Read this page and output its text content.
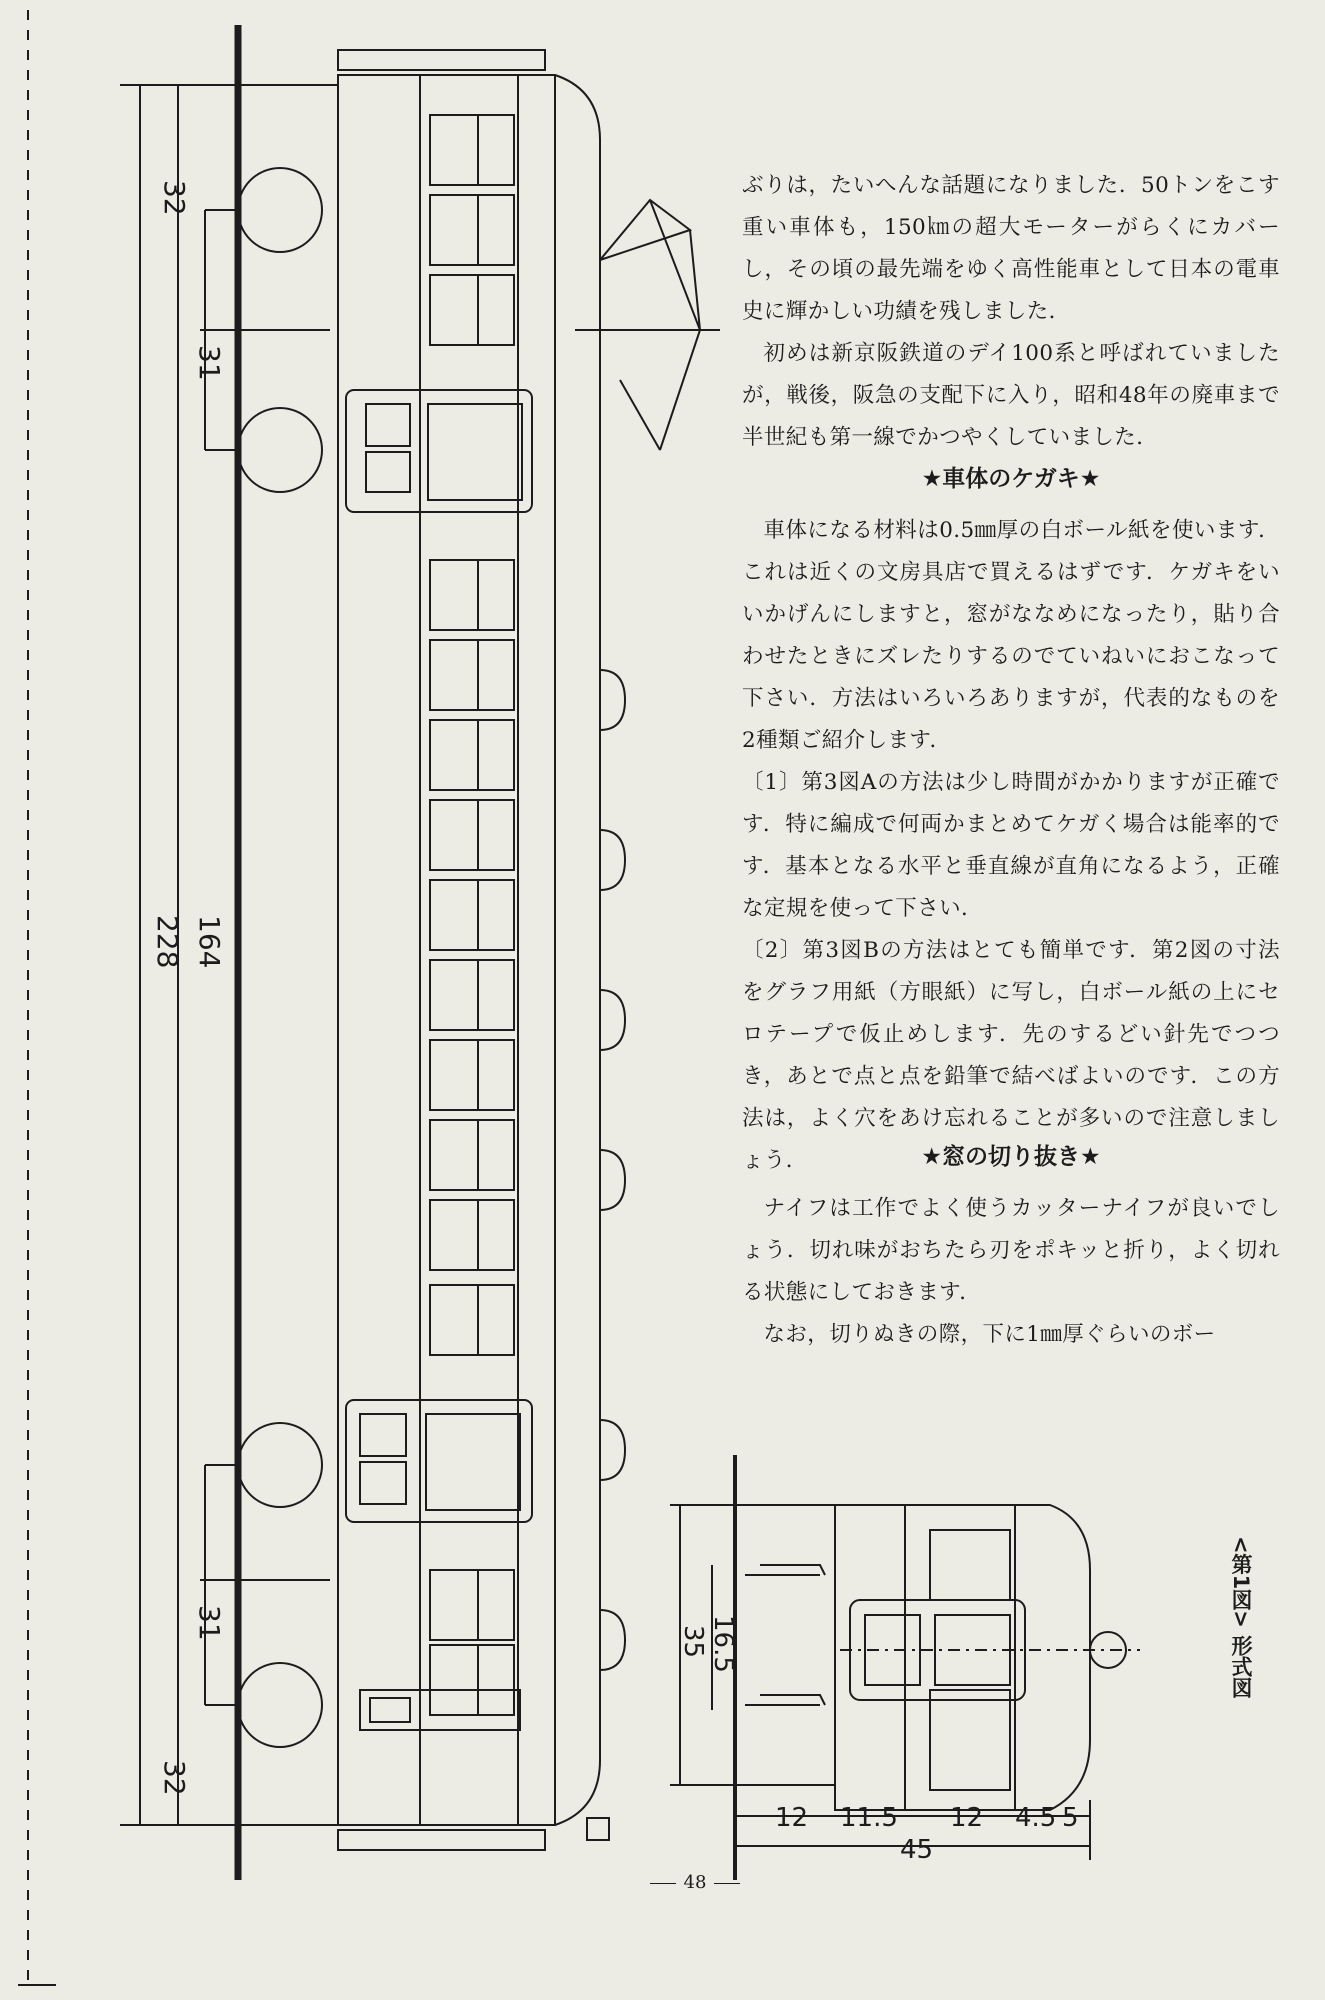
32
31
164
228
31
32
16.5
35
12 11.5 12 4.5 5
45

ぶりは，たいへんな話題になりました．50トンをこす重い車体も，150㎞の超大モーターがらくにカバーし，その頃の最先端をゆく高性能車として日本の電車史に輝かしい功績を残しました．

初めは新京阪鉄道のデイ100系と呼ばれていましたが，戦後，阪急の支配下に入り，昭和48年の廃車まで半世紀も第一線でかつやくしていました．

★車体のケガキ★

車体になる材料は0.5㎜厚の白ボール紙を使います．これは近くの文房具店で買えるはずです．ケガキをいいかげんにしますと，窓がななめになったり，貼り合わせたときにズレたりするのでていねいにおこなって下さい．方法はいろいろありますが，代表的なものを2種類ご紹介します．

〔1〕第3図Aの方法は少し時間がかかりますが正確です．特に編成で何両かまとめてケガく場合は能率的です．基本となる水平と垂直線が直角になるよう，正確な定規を使って下さい．

〔2〕第3図Bの方法はとても簡単です．第2図の寸法をグラフ用紙（方眼紙）に写し，白ボール紙の上にセロテープで仮止めします．先のするどい針先でつつき，あとで点と点を鉛筆で結べばよいのです．この方法は，よく穴をあけ忘れることが多いので注意しましょう．	★窓の切り抜き★

ナイフは工作でよく使うカッターナイフが良いでしょう．切れ味がおちたら刃をポキッと折り，よく切れる状態にしておきます．

なお，切りぬきの際，下に1㎜厚ぐらいのボー

<第1図> 形式図
48
